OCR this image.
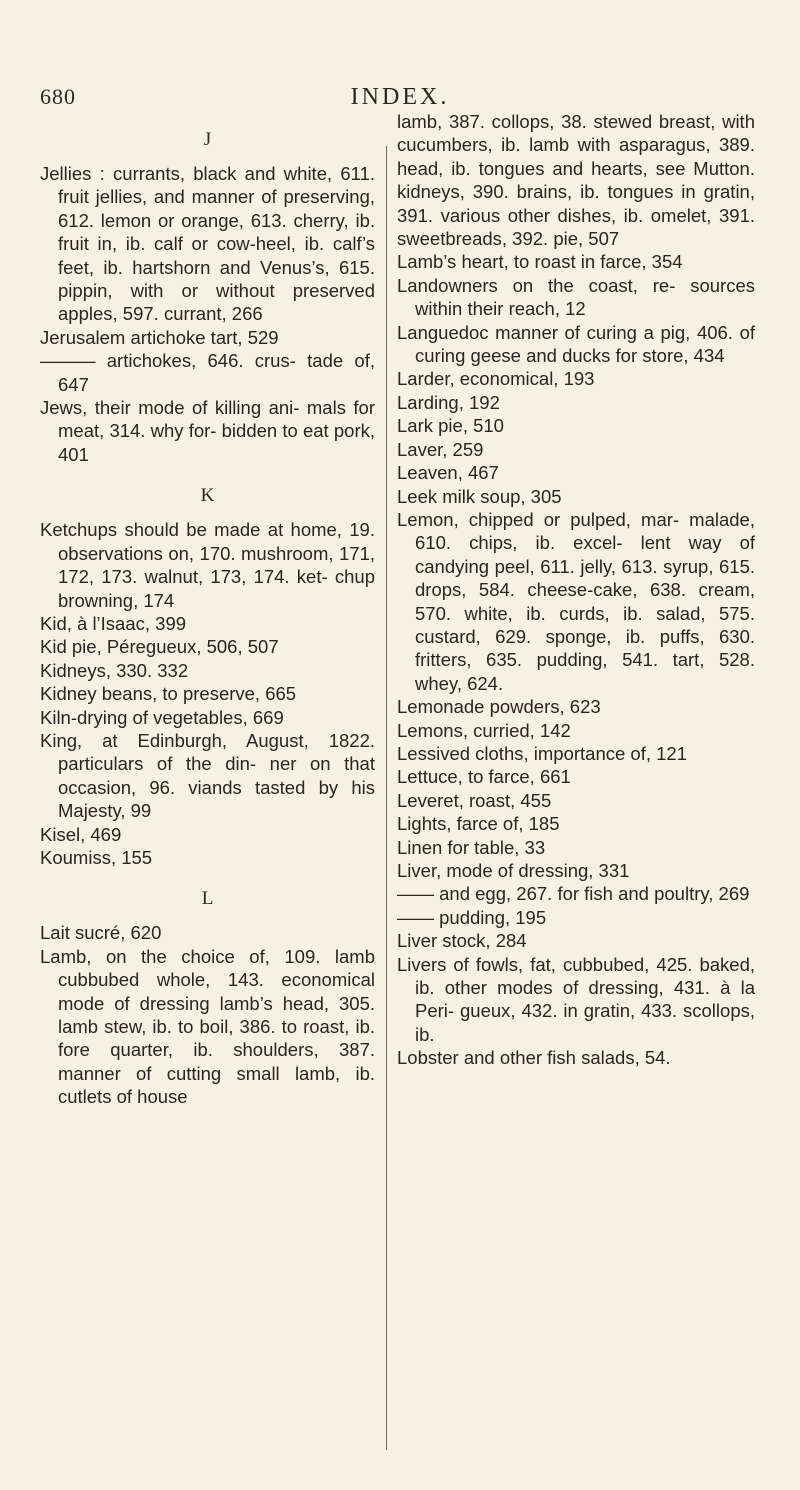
680	INDEX.
J
Jellies : currants, black and white, 611. fruit jellies, and manner of preserving, 612. lemon or orange, 613. cherry, ib. fruit in, ib. calf or cow-heel, ib. calf’s feet, ib. hartshorn and Venus’s, 615. pippin, with or without preserved apples, 597. currant, 266
Jerusalem artichoke tart, 529
——— artichokes, 646. crus- tade of, 647
Jews, their mode of killing ani- mals for meat, 314. why for- bidden to eat pork, 401
K
Ketchups should be made at home, 19. observations on, 170. mushroom, 171, 172, 173. walnut, 173, 174. ket- chup browning, 174
Kid, à l’Isaac, 399
Kid pie, Péregueux, 506, 507
Kidneys, 330. 332
Kidney beans, to preserve, 665
Kiln-drying of vegetables, 669
King, at Edinburgh, August, 1822. particulars of the din- ner on that occasion, 96. viands tasted by his Majesty, 99
Kisel, 469
Koumiss, 155
L
Lait sucré, 620
Lamb, on the choice of, 109. lamb cubbubed whole, 143. economical mode of dressing lamb’s head, 305. lamb stew, ib. to boil, 386. to roast, ib. fore quarter, ib. shoulders, 387. manner of cutting small lamb, ib. cutlets of house
lamb, 387. collops, 38. stewed breast, with cucumbers, ib. lamb with asparagus, 389. head, ib. tongues and hearts, see Mutton. kidneys, 390. brains, ib. tongues in gratin, 391. various other dishes, ib. omelet, 391. sweetbreads, 392. pie, 507
Lamb’s heart, to roast in farce, 354
Landowners on the coast, re- sources within their reach, 12
Languedoc manner of curing a pig, 406. of curing geese and ducks for store, 434
Larder, economical, 193
Larding, 192
Lark pie, 510
Laver, 259
Leaven, 467
Leek milk soup, 305
Lemon, chipped or pulped, mar- malade, 610. chips, ib. excel- lent way of candying peel, 611. jelly, 613. syrup, 615. drops, 584. cheese-cake, 638. cream, 570. white, ib. curds, ib. salad, 575. custard, 629. sponge, ib. puffs, 630. fritters, 635. pudding, 541. tart, 528. whey, 624.
Lemonade powders, 623
Lemons, curried, 142
Lessived cloths, importance of, 121
Lettuce, to farce, 661
Leveret, roast, 455
Lights, farce of, 185
Linen for table, 33
Liver, mode of dressing, 331
—— and egg, 267. for fish and poultry, 269
—— pudding, 195
Liver stock, 284
Livers of fowls, fat, cubbubed, 425. baked, ib. other modes of dressing, 431. à la Peri- gueux, 432. in gratin, 433. scollops, ib.
Lobster and other fish salads, 54.
